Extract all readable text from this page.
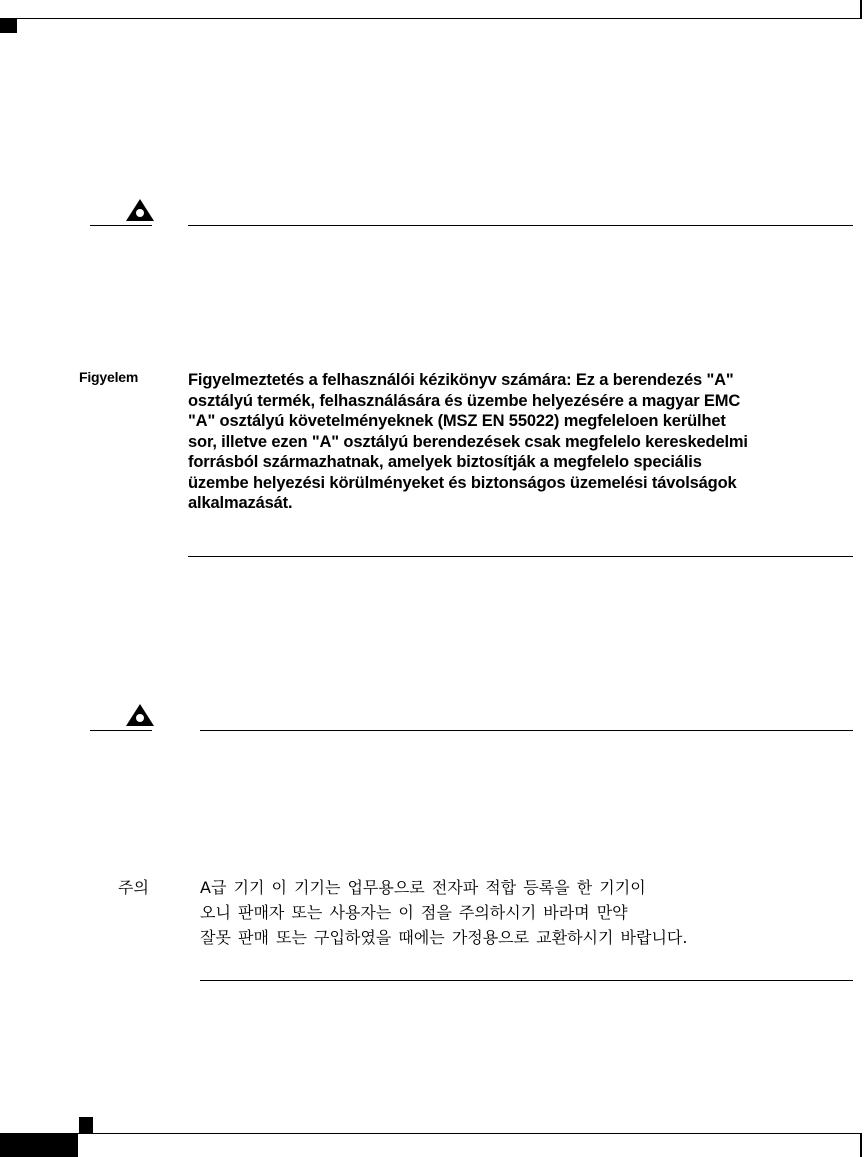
Figyelem	Figyelmeztetés a felhasználói kézikönyv számára: Ez a berendezés "A"
osztályú termék, felhasználására és üzembe helyezésére a magyar EMC
"A" osztályú követelményeknek (MSZ EN 55022) megfeleloen kerülhet
sor, illetve ezen "A" osztályú berendezések csak megfelelo kereskedelmi
forrásból származhatnak, amelyek biztosítják a megfelelo speciális
üzembe helyezési körülményeket és biztonságos üzemelési távolságok
alkalmazását.
주의	A급 기기 이 기기는 업무용으로 전자파 적합 등록을 한 기기이
오니 판매자 또는 사용자는 이 점을 주의하시기 바라며 만약
잘못 판매 또는 구입하였을 때에는 가정용으로 교환하시기 바랍니다.
